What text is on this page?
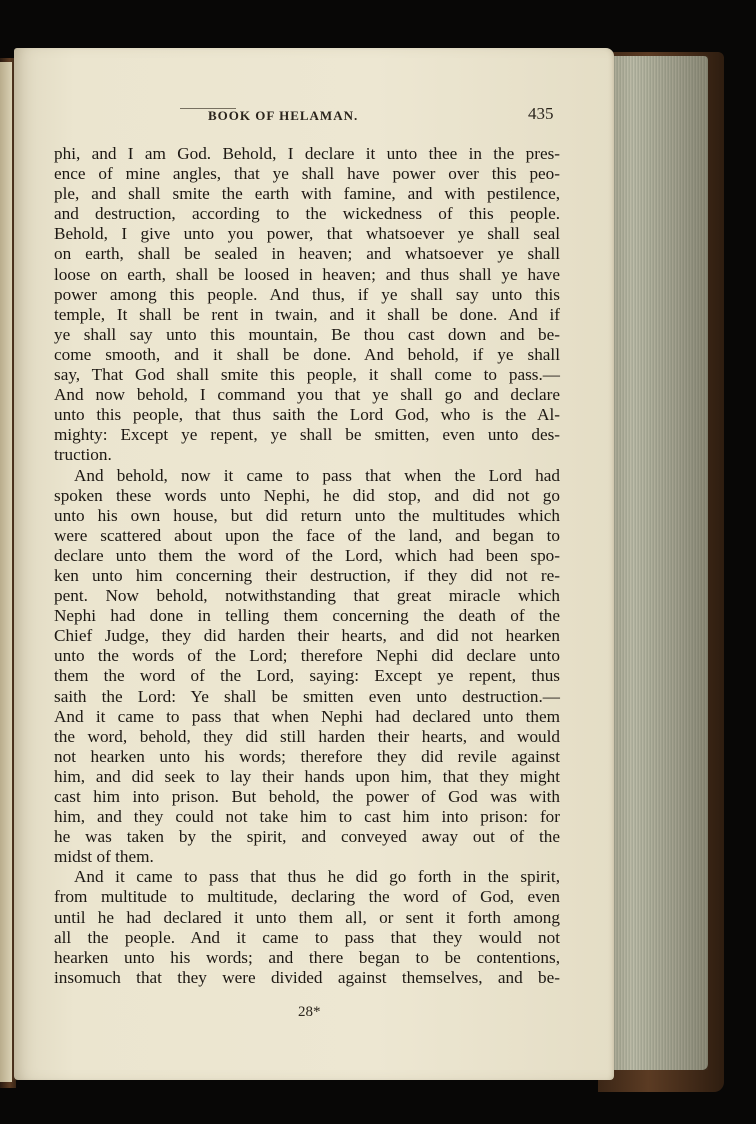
BOOK OF HELAMAN.	435
phi, and I am God. Behold, I declare it unto thee in the pres-
ence of mine angles, that ye shall have power over this peo-
ple, and shall smite the earth with famine, and with pestilence,
and destruction, according to the wickedness of this people.
Behold, I give unto you power, that whatsoever ye shall seal
on earth, shall be sealed in heaven; and whatsoever ye shall
loose on earth, shall be loosed in heaven; and thus shall ye have
power among this people. And thus, if ye shall say unto this
temple, It shall be rent in twain, and it shall be done. And if
ye shall say unto this mountain, Be thou cast down and be-
come smooth, and it shall be done. And behold, if ye shall
say, That God shall smite this people, it shall come to pass.—
And now behold, I command you that ye shall go and declare
unto this people, that thus saith the Lord God, who is the Al-
mighty: Except ye repent, ye shall be smitten, even unto des-
truction.
And behold, now it came to pass that when the Lord had
spoken these words unto Nephi, he did stop, and did not go
unto his own house, but did return unto the multitudes which
were scattered about upon the face of the land, and began to
declare unto them the word of the Lord, which had been spo-
ken unto him concerning their destruction, if they did not re-
pent. Now behold, notwithstanding that great miracle which
Nephi had done in telling them concerning the death of the
Chief Judge, they did harden their hearts, and did not hearken
unto the words of the Lord; therefore Nephi did declare unto
them the word of the Lord, saying: Except ye repent, thus
saith the Lord: Ye shall be smitten even unto destruction.—
And it came to pass that when Nephi had declared unto them
the word, behold, they did still harden their hearts, and would
not hearken unto his words; therefore they did revile against
him, and did seek to lay their hands upon him, that they might
cast him into prison. But behold, the power of God was with
him, and they could not take him to cast him into prison: for
he was taken by the spirit, and conveyed away out of the
midst of them.
And it came to pass that thus he did go forth in the spirit,
from multitude to multitude, declaring the word of God, even
until he had declared it unto them all, or sent it forth among
all the people. And it came to pass that they would not
hearken unto his words; and there began to be contentions,
insomuch that they were divided against themselves, and be-
28*
